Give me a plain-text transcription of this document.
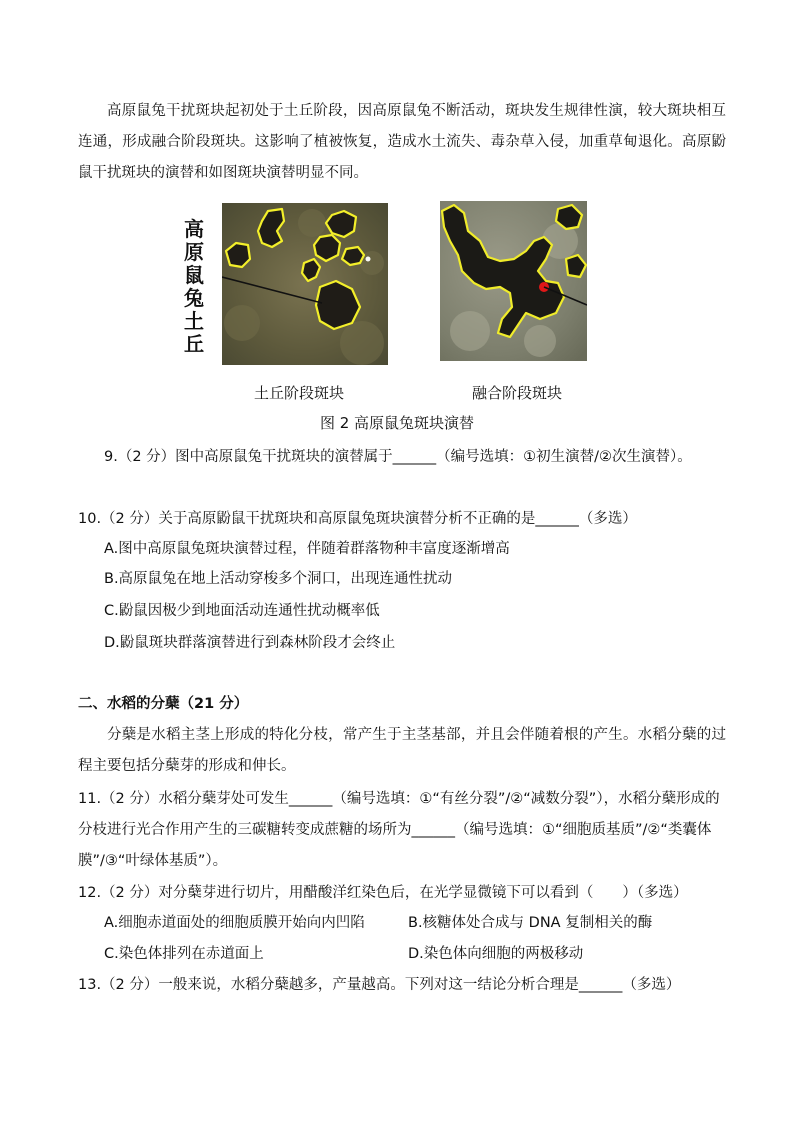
高原鼠兔干扰斑块起初处于土丘阶段，因高原鼠兔不断活动，斑块发生规律性演，较大斑块相互连通，形成融合阶段斑块。这影响了植被恢复，造成水土流失、毒杂草入侵，加重草甸退化。高原鼢鼠干扰斑块的演替和如图斑块演替明显不同。
高原鼠兔土丘
土丘阶段斑块	融合阶段斑块
图 2 高原鼠兔斑块演替
9.（2 分）图中高原鼠兔干扰斑块的演替属于______（编号选填：①初生演替/②次生演替）。
10.（2 分）关于高原鼢鼠干扰斑块和高原鼠兔斑块演替分析不正确的是______（多选）
A.图中高原鼠兔斑块演替过程，伴随着群落物种丰富度逐渐增高
B.高原鼠兔在地上活动穿梭多个洞口，出现连通性扰动
C.鼢鼠因极少到地面活动连通性扰动概率低
D.鼢鼠斑块群落演替进行到森林阶段才会终止
二、水稻的分蘖（21 分）
分蘖是水稻主茎上形成的特化分枝，常产生于主茎基部，并且会伴随着根的产生。水稻分蘖的过程主要包括分蘖芽的形成和伸长。
11.（2 分）水稻分蘖芽处可发生______（编号选填：①“有丝分裂”/②“减数分裂”），水稻分蘖形成的分枝进行光合作用产生的三碳糖转变成蔗糖的场所为______（编号选填：①“细胞质基质”/②“类囊体膜”/③“叶绿体基质”）。
12.（2 分）对分蘖芽进行切片，用醋酸洋红染色后，在光学显微镜下可以看到（　　）（多选）
A.细胞赤道面处的细胞质膜开始向内凹陷	B.核糖体处合成与 DNA 复制相关的酶
C.染色体排列在赤道面上	D.染色体向细胞的两极移动
13.（2 分）一般来说，水稻分蘖越多，产量越高。下列对这一结论分析合理是______（多选）
